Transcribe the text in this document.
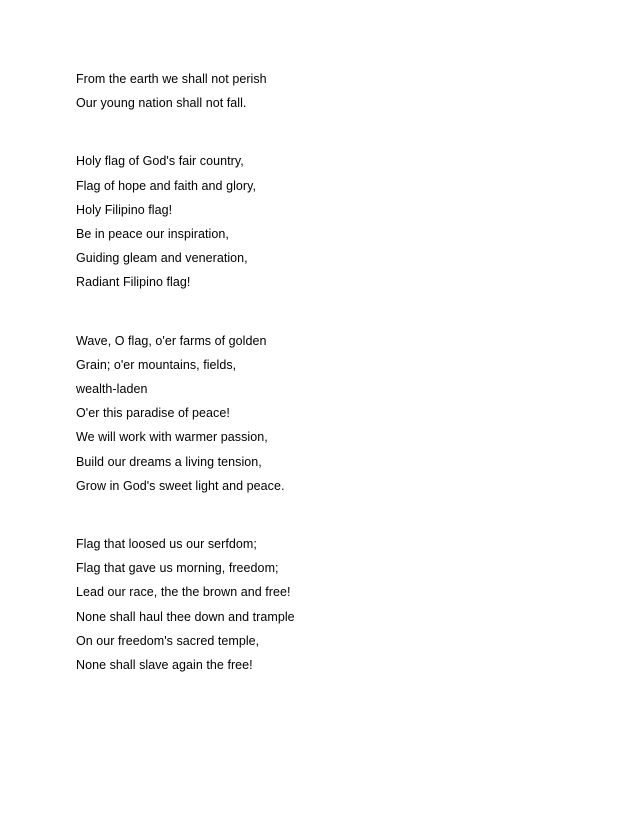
From the earth we shall not perish
Our young nation shall not fall.
Holy flag of God's fair country,
Flag of hope and faith and glory,
Holy Filipino flag!
Be in peace our inspiration,
Guiding gleam and veneration,
Radiant Filipino flag!
Wave, O flag, o'er farms of golden
Grain; o'er mountains, fields,
wealth-laden
O'er this paradise of peace!
We will work with warmer passion,
Build our dreams a living tension,
Grow in God's sweet light and peace.
Flag that loosed us our serfdom;
Flag that gave us morning, freedom;
Lead our race, the the brown and free!
None shall haul thee down and trample
On our freedom's sacred temple,
None shall slave again the free!
